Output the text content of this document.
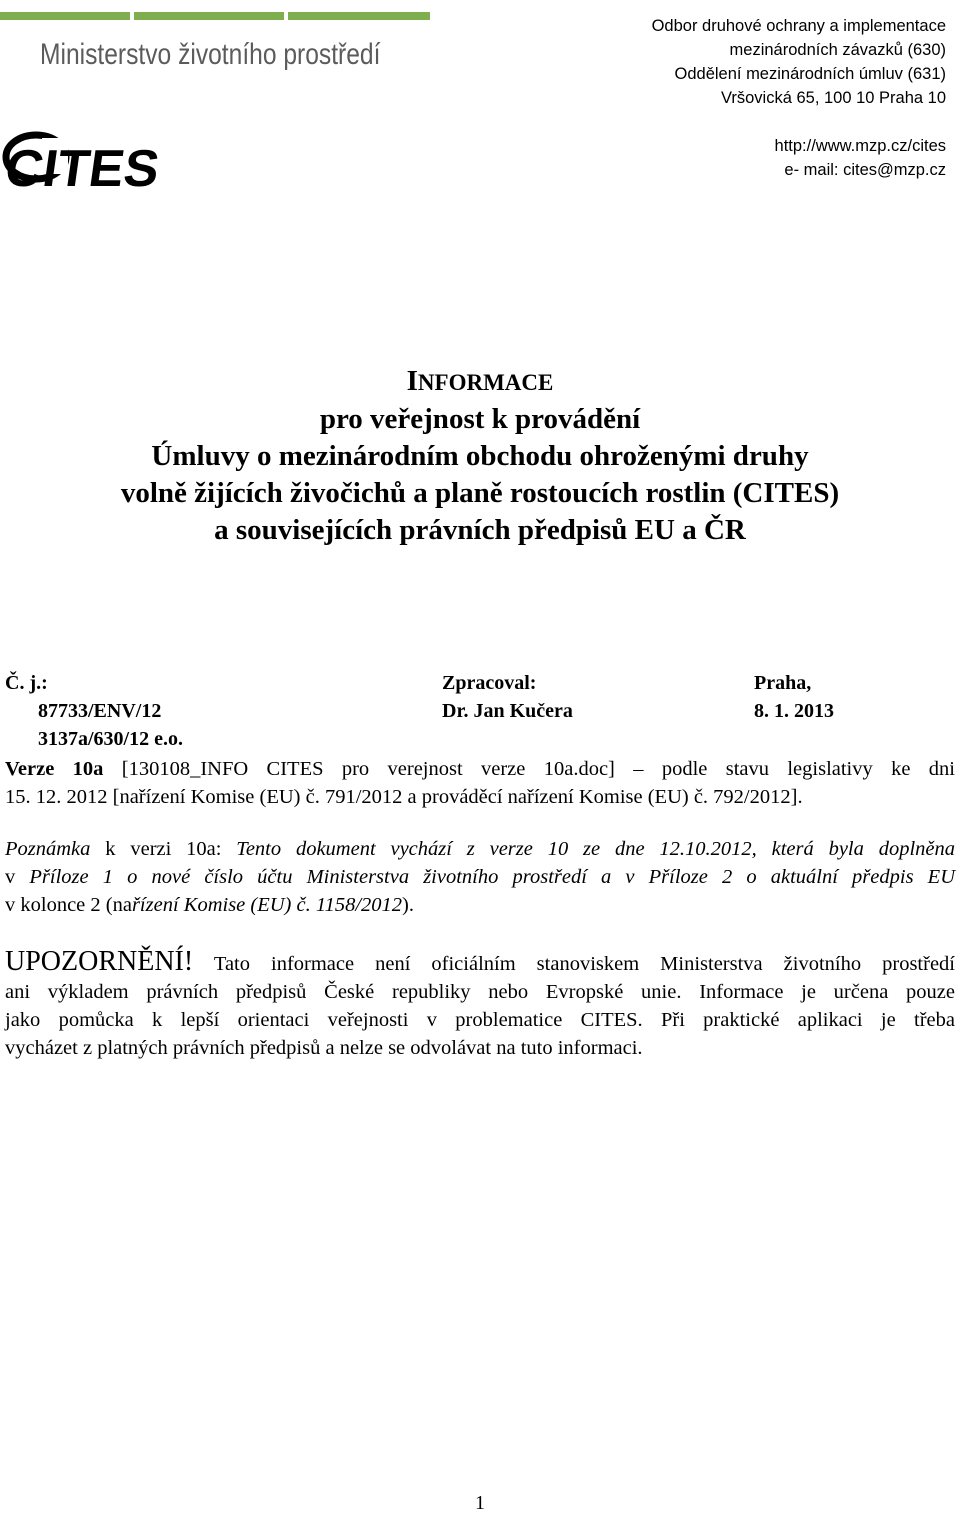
Ministerstvo životního prostředí
CITES
Odbor druhové ochrany a implementace
mezinárodních závazků (630)
Oddělení mezinárodních úmluv (631)
Vršovická 65, 100 10 Praha 10
http://www.mzp.cz/cites
e- mail: cites@mzp.cz
INFORMACE
pro veřejnost k provádění
Úmluvy o mezinárodním obchodu ohroženými druhy
volně žijících živočichů a planě rostoucích rostlin (CITES)
a souvisejících právních předpisů EU a ČR
Č. j.:
87733/ENV/12
3137a/630/12 e.o.
Zpracoval:
Dr. Jan Kučera
Praha,
8. 1. 2013
Verze 10a [130108_INFO CITES pro verejnost verze 10a.doc] – podle stavu legislativy ke dni
15. 12. 2012 [nařízení Komise (EU) č. 791/2012 a prováděcí nařízení Komise (EU) č. 792/2012].
Poznámka k verzi 10a: Tento dokument vychází z verze 10 ze dne 12.10.2012, která byla doplněna
v Příloze 1 o nové číslo účtu Ministerstva životního prostředí a v Příloze 2 o aktuální předpis EU
v kolonce 2 (nařízení Komise (EU) č. 1158/2012).
UPOZORNĚNÍ! Tato informace není oficiálním stanoviskem Ministerstva životního prostředí
ani výkladem právních předpisů České republiky nebo Evropské unie. Informace je určena pouze
jako pomůcka k lepší orientaci veřejnosti v problematice CITES. Při praktické aplikaci je třeba
vycházet z platných právních předpisů a nelze se odvolávat na tuto informaci.
1
